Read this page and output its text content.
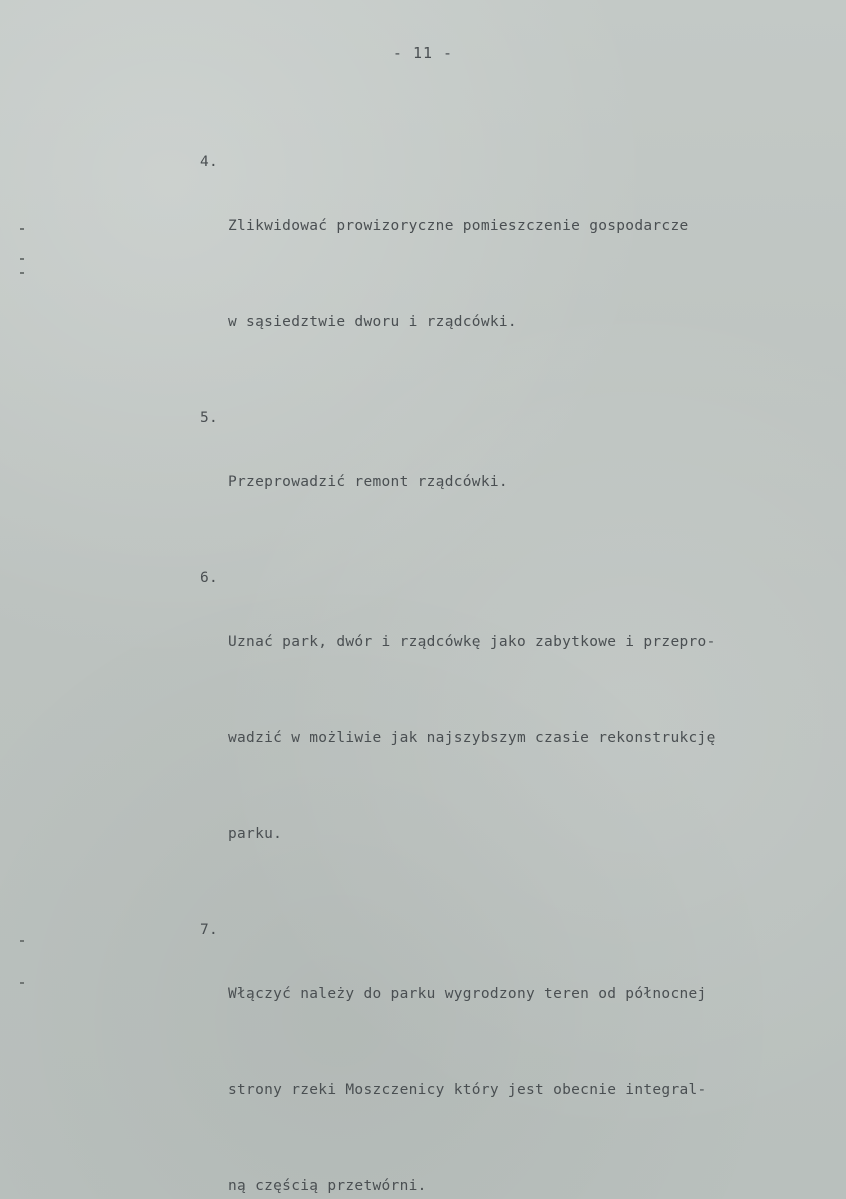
- 11 -
4.

Zlikwidować prowizoryczne pomieszczenie gospodarcze

w sąsiedztwie dworu i rządcówki.

5.

Przeprowadzić remont rządcówki.

6.

Uznać park, dwór i rządcówkę jako zabytkowe i przepro-

wadzić w możliwie jak najszybszym czasie rekonstrukcję

parku.

7.

Włączyć należy do parku wygrodzony teren od północnej

strony rzeki Moszczenicy który jest obecnie integral-

ną częścią przetwórni.
